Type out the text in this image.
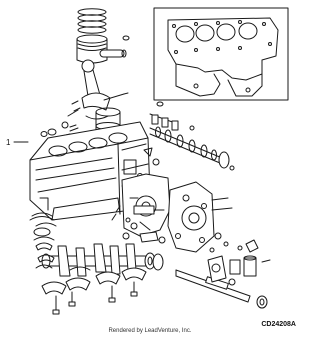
1
Rendered by LeadVenture, Inc.
CD24208A
